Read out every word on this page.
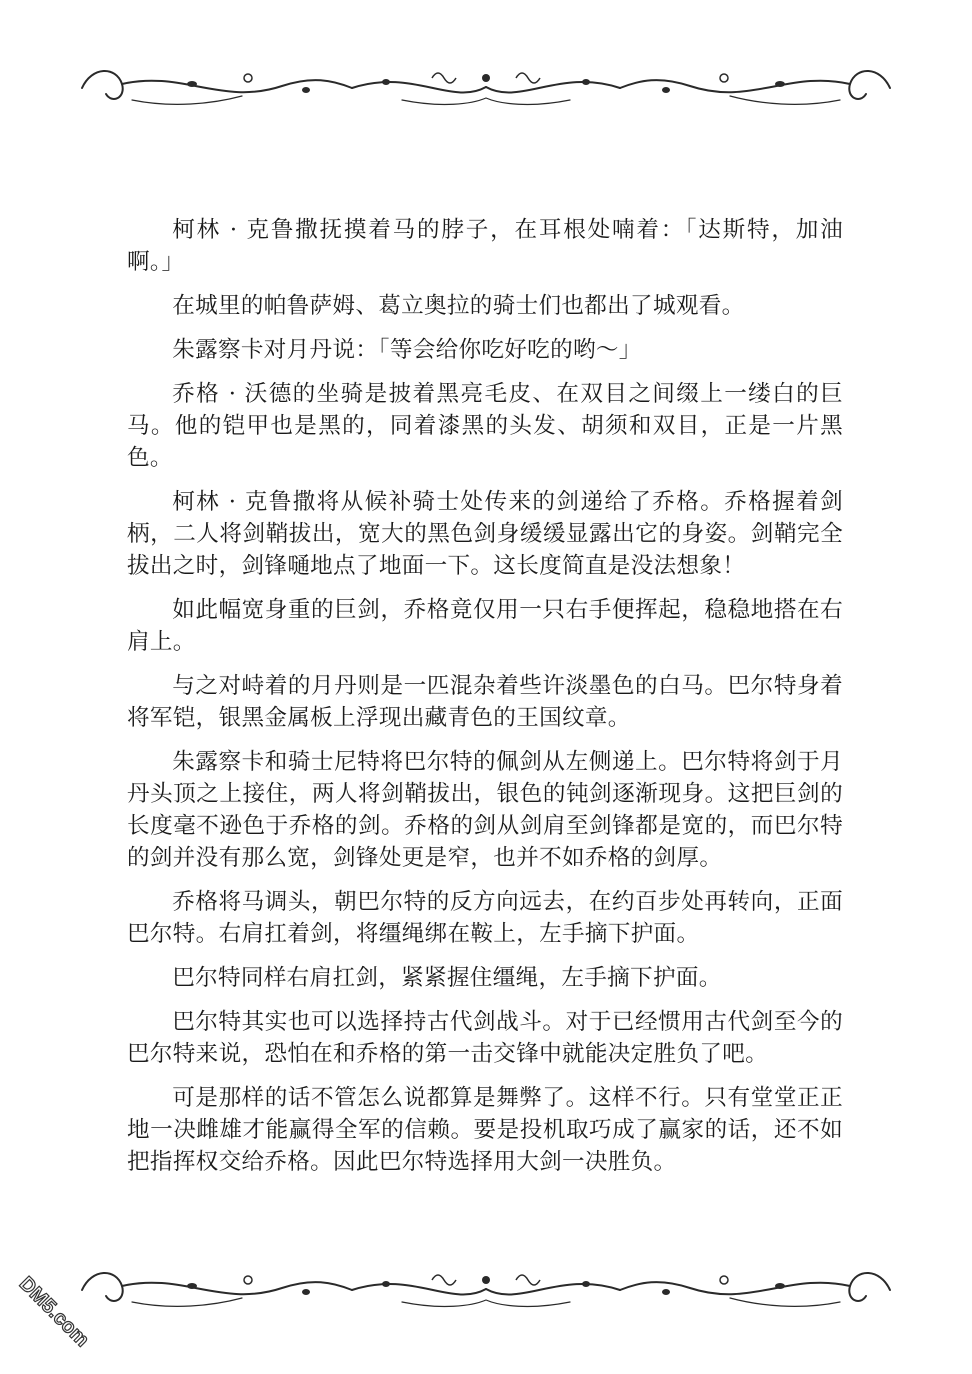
柯林 · 克鲁撒抚摸着马的脖子，在耳根处喃着：「达斯特，加油啊。」

在城里的帕鲁萨姆、葛立奥拉的骑士们也都出了城观看。

朱露察卡对月丹说：「等会给你吃好吃的哟～」

乔格 · 沃德的坐骑是披着黑亮毛皮、在双目之间缀上一缕白的巨马。他的铠甲也是黑的，同着漆黑的头发、胡须和双目，正是一片黑色。

柯林 · 克鲁撒将从候补骑士处传来的剑递给了乔格。乔格握着剑柄，二人将剑鞘拔出，宽大的黑色剑身缓缓显露出它的身姿。剑鞘完全拔出之时，剑锋嗵地点了地面一下。这长度简直是没法想象！

如此幅宽身重的巨剑，乔格竟仅用一只右手便挥起，稳稳地搭在右肩上。

与之对峙着的月丹则是一匹混杂着些许淡墨色的白马。巴尔特身着将军铠，银黑金属板上浮现出藏青色的王国纹章。

朱露察卡和骑士尼特将巴尔特的佩剑从左侧递上。巴尔特将剑于月丹头顶之上接住，两人将剑鞘拔出，银色的钝剑逐渐现身。这把巨剑的长度毫不逊色于乔格的剑。乔格的剑从剑肩至剑锋都是宽的，而巴尔特的剑并没有那么宽，剑锋处更是窄，也并不如乔格的剑厚。

乔格将马调头，朝巴尔特的反方向远去，在约百步处再转向，正面巴尔特。右肩扛着剑，将缰绳绑在鞍上，左手摘下护面。

巴尔特同样右肩扛剑，紧紧握住缰绳，左手摘下护面。

巴尔特其实也可以选择持古代剑战斗。对于已经惯用古代剑至今的巴尔特来说，恐怕在和乔格的第一击交锋中就能决定胜负了吧。

可是那样的话不管怎么说都算是舞弊了。这样不行。只有堂堂正正地一决雌雄才能赢得全军的信赖。要是投机取巧成了赢家的话，还不如把指挥权交给乔格。因此巴尔特选择用大剑一决胜负。

DM5.com
